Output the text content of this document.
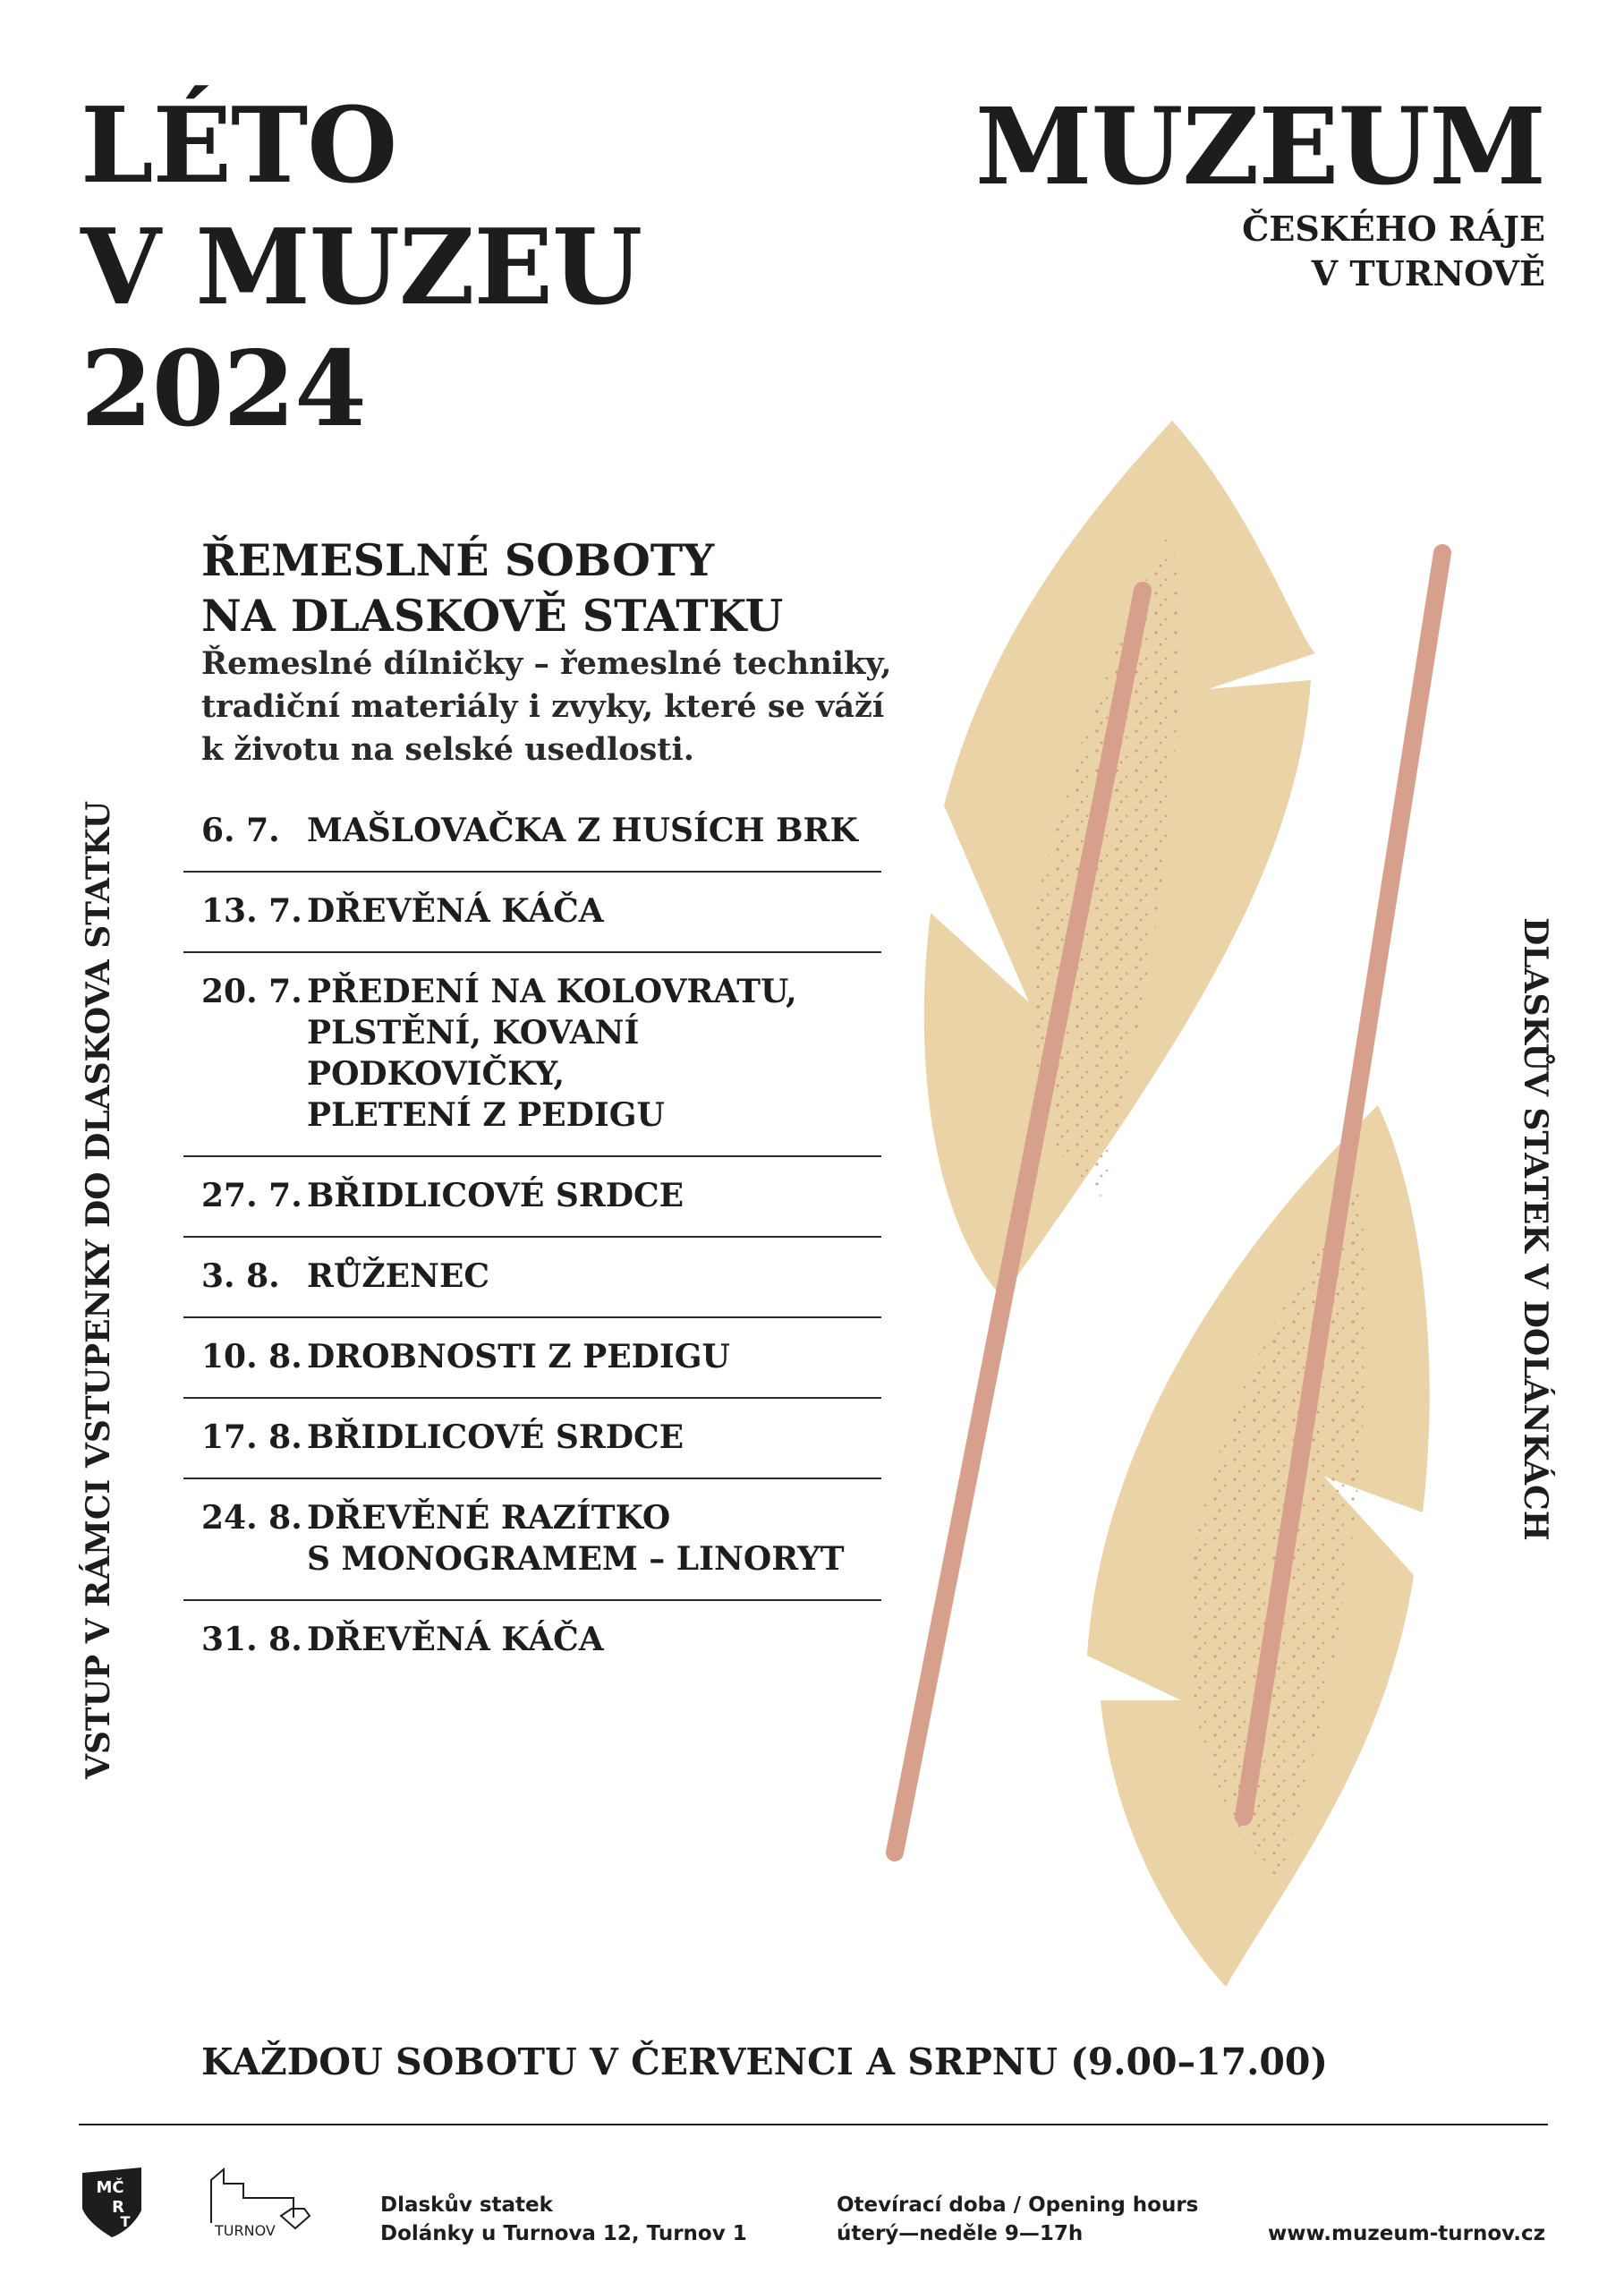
LÉTO
V MUZEU
2024
MUZEUM
ČESKÉHO RÁJE
V TURNOVĚ
VSTUP V RÁMCI VSTUPENKY DO DLASKOVA STATKU	DLASKŮV STATEK V DOLÁNKÁCH
ŘEMESLNÉ SOBOTY
NA DLASKOVĚ STATKU
Řemeslné dílničky – řemeslné techniky,
tradiční materiály i zvyky, které se váží
k životu na selské usedlosti.
6. 7. MAŠLOVAČKA Z HUSÍCH BRK
13. 7. DŘEVĚNÁ KÁČA
20. 7. PŘEDENÍ NA KOLOVRATU,
PLSTĚNÍ, KOVANÍ PODKOVIČKY,
PLETENÍ Z PEDIGU
27. 7. BŘIDLICOVÉ SRDCE
3. 8. RŮŽENEC
10. 8. DROBNOSTI Z PEDIGU
17. 8. BŘIDLICOVÉ SRDCE
24. 8. DŘEVĚNÉ RAZÍTKO
S MONOGRAMEM – LINORYT
31. 8. DŘEVĚNÁ KÁČA
KAŽDOU SOBOTU V ČERVENCI A SRPNU (9.00–17.00)
MČ
R
T
TURNOV
Dlaskův statek
Dolánky u Turnova 12, Turnov 1
Otevírací doba / Opening hours
úterý—neděle 9—17h	www.muzeum-turnov.cz
